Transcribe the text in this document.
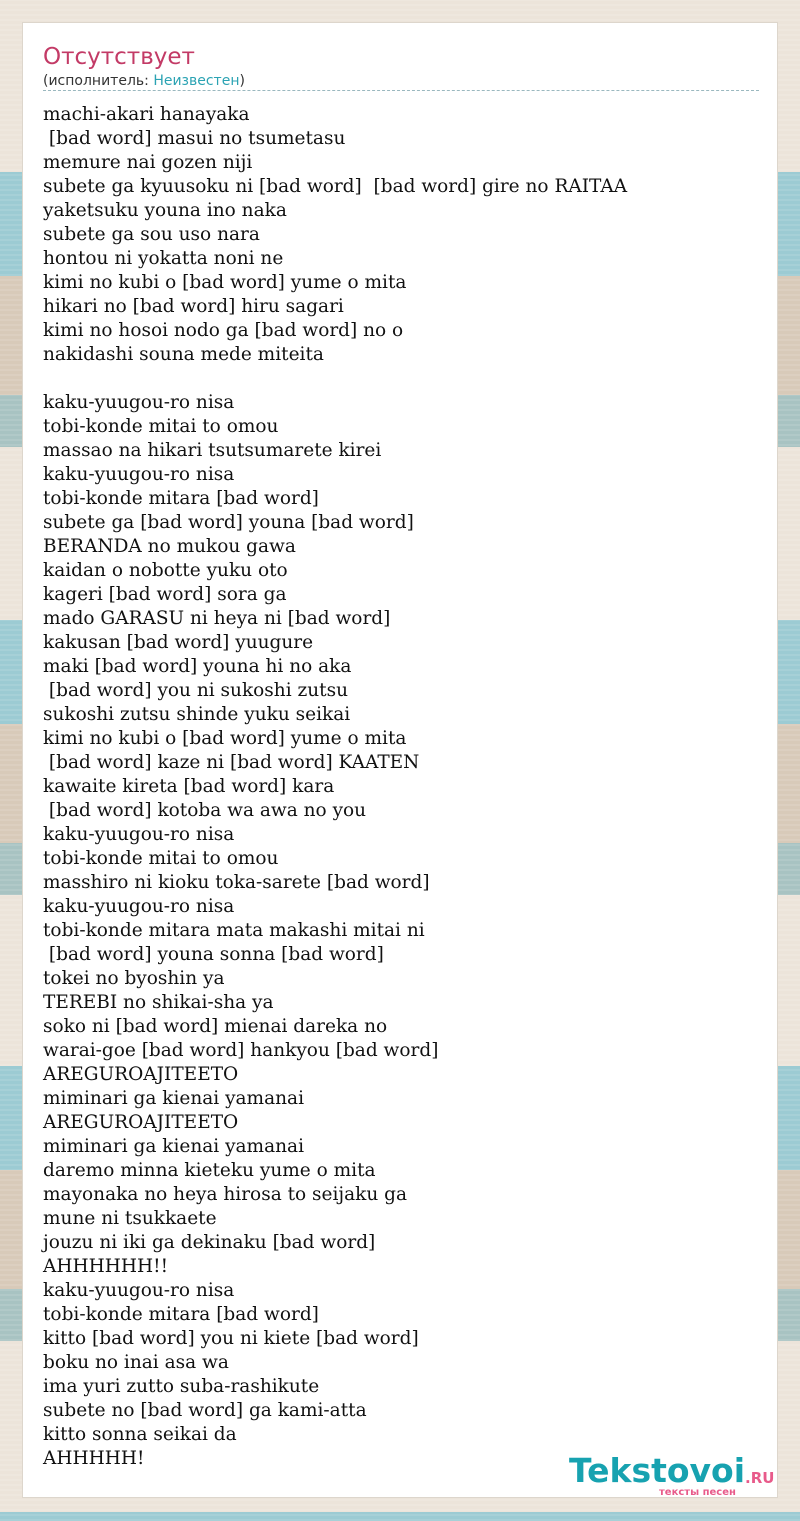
Отсутствует
(исполнитель: Неизвестен)
machi-akari hanayaka
[bad word] masui no tsumetasu
memure nai gozen niji
subete ga kyuusoku ni [bad word]  [bad word] gire no RAITAA
yaketsuku youna ino naka
subete ga sou uso nara
hontou ni yokatta noni ne
kimi no kubi o [bad word] yume o mita
hikari no [bad word] hiru sagari
kimi no hosoi nodo ga [bad word] no o
nakidashi souna mede miteita
kaku-yuugou-ro nisa
tobi-konde mitai to omou
massao na hikari tsutsumarete kirei
kaku-yuugou-ro nisa
tobi-konde mitara [bad word]
subete ga [bad word] youna [bad word]
BERANDA no mukou gawa
kaidan o nobotte yuku oto
kageri [bad word] sora ga
mado GARASU ni heya ni [bad word]
kakusan [bad word] yuugure
maki [bad word] youna hi no aka
[bad word] you ni sukoshi zutsu
sukoshi zutsu shinde yuku seikai
kimi no kubi o [bad word] yume o mita
[bad word] kaze ni [bad word] KAATEN
kawaite kireta [bad word] kara
[bad word] kotoba wa awa no you
kaku-yuugou-ro nisa
tobi-konde mitai to omou
masshiro ni kioku toka-sarete [bad word]
kaku-yuugou-ro nisa
tobi-konde mitara mata makashi mitai ni
[bad word] youna sonna [bad word]
tokei no byoshin ya
TEREBI no shikai-sha ya
soko ni [bad word] mienai dareka no
warai-goe [bad word] hankyou [bad word]
AREGUROAJITEETO
miminari ga kienai yamanai
AREGUROAJITEETO
miminari ga kienai yamanai
daremo minna kieteku yume o mita
mayonaka no heya hirosa to seijaku ga
mune ni tsukkaete
jouzu ni iki ga dekinaku [bad word]
AHHHHHH!!
kaku-yuugou-ro nisa
tobi-konde mitara [bad word]
kitto [bad word] you ni kiete [bad word]
boku no inai asa wa
ima yuri zutto suba-rashikute
subete no [bad word] ga kami-atta
kitto sonna seikai da
AHHHHH!	Tekstovoi .RU
тексты песен
